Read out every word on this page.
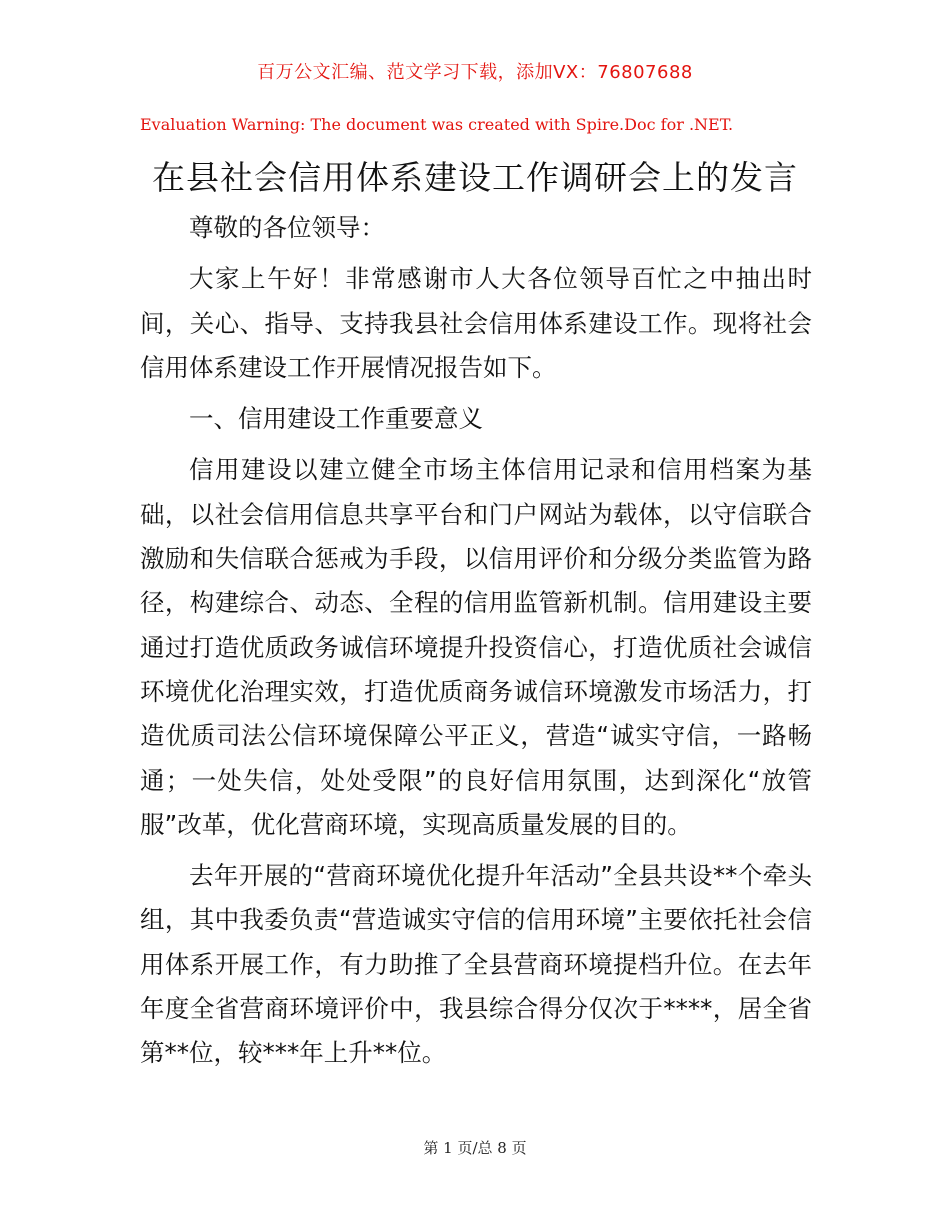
百万公文汇编、范文学习下载，添加VX：76807688
Evaluation Warning: The document was created with Spire.Doc for .NET.
在县社会信用体系建设工作调研会上的发言

尊敬的各位领导：

大家上午好！非常感谢市人大各位领导百忙之中抽出时间，关心、指导、支持我县社会信用体系建设工作。现将社会信用体系建设工作开展情况报告如下。

一、信用建设工作重要意义

信用建设以建立健全市场主体信用记录和信用档案为基础，以社会信用信息共享平台和门户网站为载体，以守信联合激励和失信联合惩戒为手段，以信用评价和分级分类监管为路径，构建综合、动态、全程的信用监管新机制。信用建设主要通过打造优质政务诚信环境提升投资信心，打造优质社会诚信环境优化治理实效，打造优质商务诚信环境激发市场活力，打造优质司法公信环境保障公平正义，营造“诚实守信，一路畅通；一处失信，处处受限”的良好信用氛围，达到深化“放管服”改革，优化营商环境，实现高质量发展的目的。

去年开展的“营商环境优化提升年活动”全县共设**个牵头组，其中我委负责“营造诚实守信的信用环境”主要依托社会信用体系开展工作，有力助推了全县营商环境提档升位。在去年年度全省营商环境评价中，我县综合得分仅次于****，居全省第**位，较***年上升**位。

第 1 页/总 8 页
